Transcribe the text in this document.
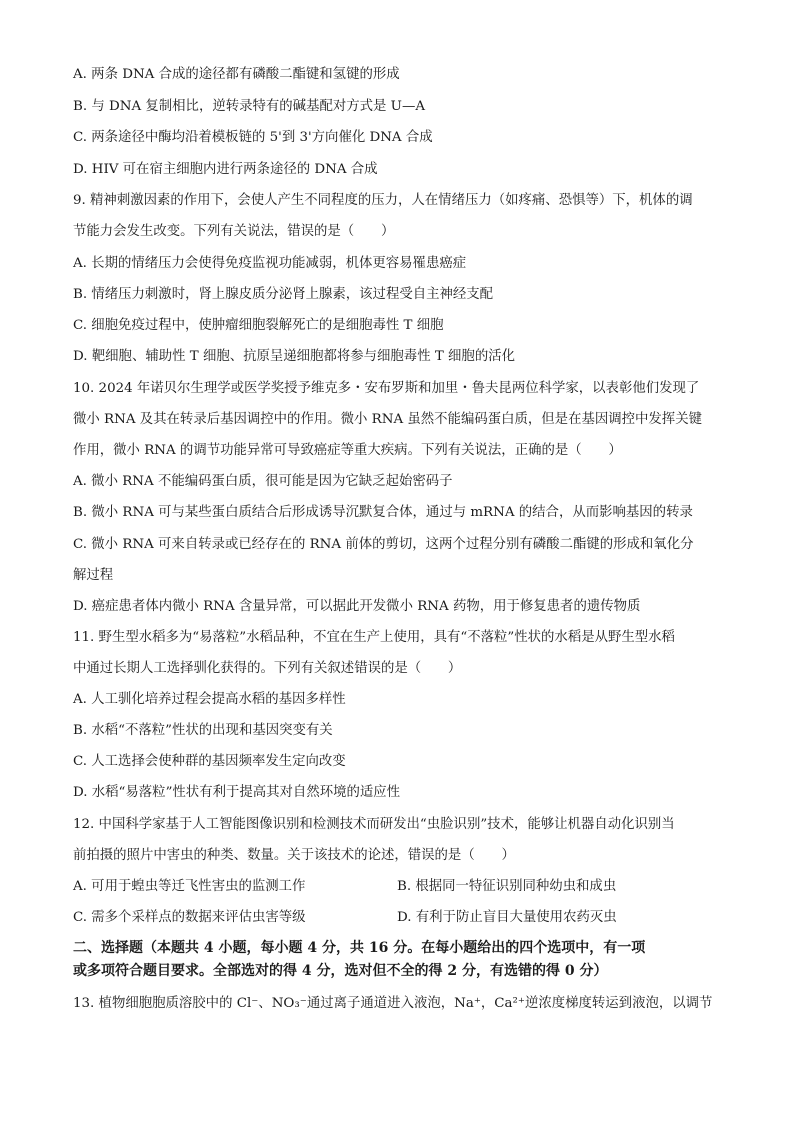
A. 两条 DNA 合成的途径都有磷酸二酯键和氢键的形成
B. 与 DNA 复制相比，逆转录特有的碱基配对方式是 U—A
C. 两条途径中酶均沿着模板链的 5'到 3'方向催化 DNA 合成
D. HIV 可在宿主细胞内进行两条途径的 DNA 合成
9. 精神刺激因素的作用下，会使人产生不同程度的压力，人在情绪压力（如疼痛、恐惧等）下，机体的调
节能力会发生改变。下列有关说法，错误的是（　　）
A. 长期的情绪压力会使得免疫监视功能减弱，机体更容易罹患癌症
B. 情绪压力刺激时，肾上腺皮质分泌肾上腺素，该过程受自主神经支配
C. 细胞免疫过程中，使肿瘤细胞裂解死亡的是细胞毒性 T 细胞
D. 靶细胞、辅助性 T 细胞、抗原呈递细胞都将参与细胞毒性 T 细胞的活化
10. 2024 年诺贝尔生理学或医学奖授予维克多・安布罗斯和加里・鲁夫昆两位科学家，以表彰他们发现了
微小 RNA 及其在转录后基因调控中的作用。微小 RNA 虽然不能编码蛋白质，但是在基因调控中发挥关键
作用，微小 RNA 的调节功能异常可导致癌症等重大疾病。下列有关说法，正确的是（　　）
A. 微小 RNA 不能编码蛋白质，很可能是因为它缺乏起始密码子
B. 微小 RNA 可与某些蛋白质结合后形成诱导沉默复合体，通过与 mRNA 的结合，从而影响基因的转录
C. 微小 RNA 可来自转录或已经存在的 RNA 前体的剪切，这两个过程分别有磷酸二酯键的形成和氧化分
解过程
D. 癌症患者体内微小 RNA 含量异常，可以据此开发微小 RNA 药物，用于修复患者的遗传物质
11. 野生型水稻多为“易落粒”水稻品种，不宜在生产上使用，具有“不落粒”性状的水稻是从野生型水稻
中通过长期人工选择驯化获得的。下列有关叙述错误的是（　　）
A. 人工驯化培养过程会提高水稻的基因多样性
B. 水稻“不落粒”性状的出现和基因突变有关
C. 人工选择会使种群的基因频率发生定向改变
D. 水稻“易落粒”性状有利于提高其对自然环境的适应性
12. 中国科学家基于人工智能图像识别和检测技术而研发出“虫脸识别”技术，能够让机器自动化识别当
前拍摄的照片中害虫的种类、数量。关于该技术的论述，错误的是（　　）
A. 可用于蝗虫等迁飞性害虫的监测工作	B. 根据同一特征识别同种幼虫和成虫
C. 需多个采样点的数据来评估虫害等级	D. 有利于防止盲目大量使用农药灭虫
二、选择题（本题共 4 小题，每小题 4 分，共 16 分。在每小题给出的四个选项中，有一项
或多项符合题目要求。全部选对的得 4 分，选对但不全的得 2 分，有选错的得 0 分）
13. 植物细胞胞质溶胶中的 Cl⁻、NO₃⁻通过离子通道进入液泡，Na⁺，Ca²⁺逆浓度梯度转运到液泡，以调节
